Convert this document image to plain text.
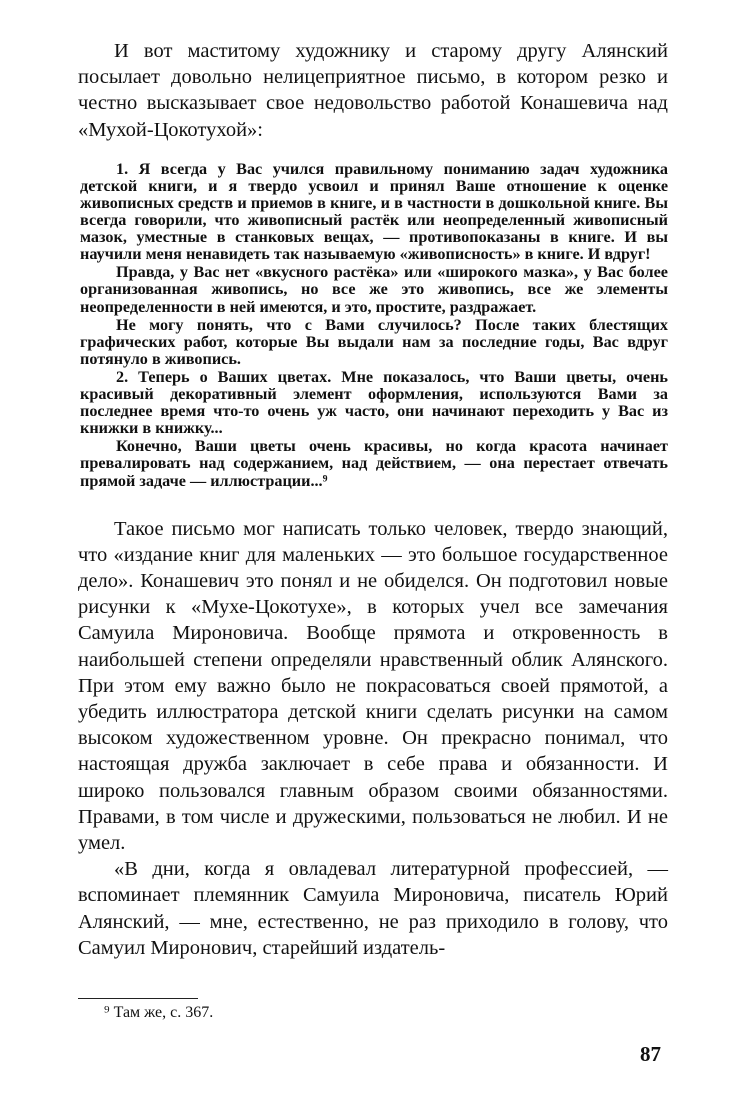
И вот маститому художнику и старому другу Алянский посылает довольно нелицеприятное письмо, в котором резко и честно высказывает свое недовольство работой Конашевича над «Мухой-Цокотухой»:

1. Я всегда у Вас учился правильному пониманию задач художника детской книги, и я твердо усвоил и принял Ваше отношение к оценке живописных средств и приемов в книге, и в частности в дошкольной книге. Вы всегда говорили, что живописный растёк или неопределенный живописный мазок, уместные в станковых вещах, — противопоказаны в книге. И вы научили меня ненавидеть так называемую «живописность» в книге. И вдруг!

Правда, у Вас нет «вкусного растёка» или «широкого мазка», у Вас более организованная живопись, но все же это живопись, все же элементы неопределенности в ней имеются, и это, простите, раздражает.

Не могу понять, что с Вами случилось? После таких блестящих графических работ, которые Вы выдали нам за последние годы, Вас вдруг потянуло в живопись.

2. Теперь о Ваших цветах. Мне показалось, что Ваши цветы, очень красивый декоративный элемент оформления, используются Вами за последнее время что-то очень уж часто, они начинают переходить у Вас из книжки в книжку...

Конечно, Ваши цветы очень красивы, но когда красота начинает превалировать над содержанием, над действием, — она перестает отвечать прямой задаче — иллюстрации...⁹

Такое письмо мог написать только человек, твердо знающий, что «издание книг для маленьких — это большое государственное дело». Конашевич это понял и не обиделся. Он подготовил новые рисунки к «Мухе-Цокотухе», в которых учел все замечания Самуила Мироновича. Вообще прямота и откровенность в наибольшей степени определяли нравственный облик Алянского. При этом ему важно было не покрасоваться своей прямотой, а убедить иллюстратора детской книги сделать рисунки на самом высоком художественном уровне. Он прекрасно понимал, что настоящая дружба заключает в себе права и обязанности. И широко пользовался главным образом своими обязанностями. Правами, в том числе и дружескими, пользоваться не любил. И не умел.

«В дни, когда я овладевал литературной профессией, — вспоминает племянник Самуила Мироновича, писатель Юрий Алянский, — мне, естественно, не раз приходило в голову, что Самуил Миронович, старейший издатель-

⁹ Там же, с. 367.
87
